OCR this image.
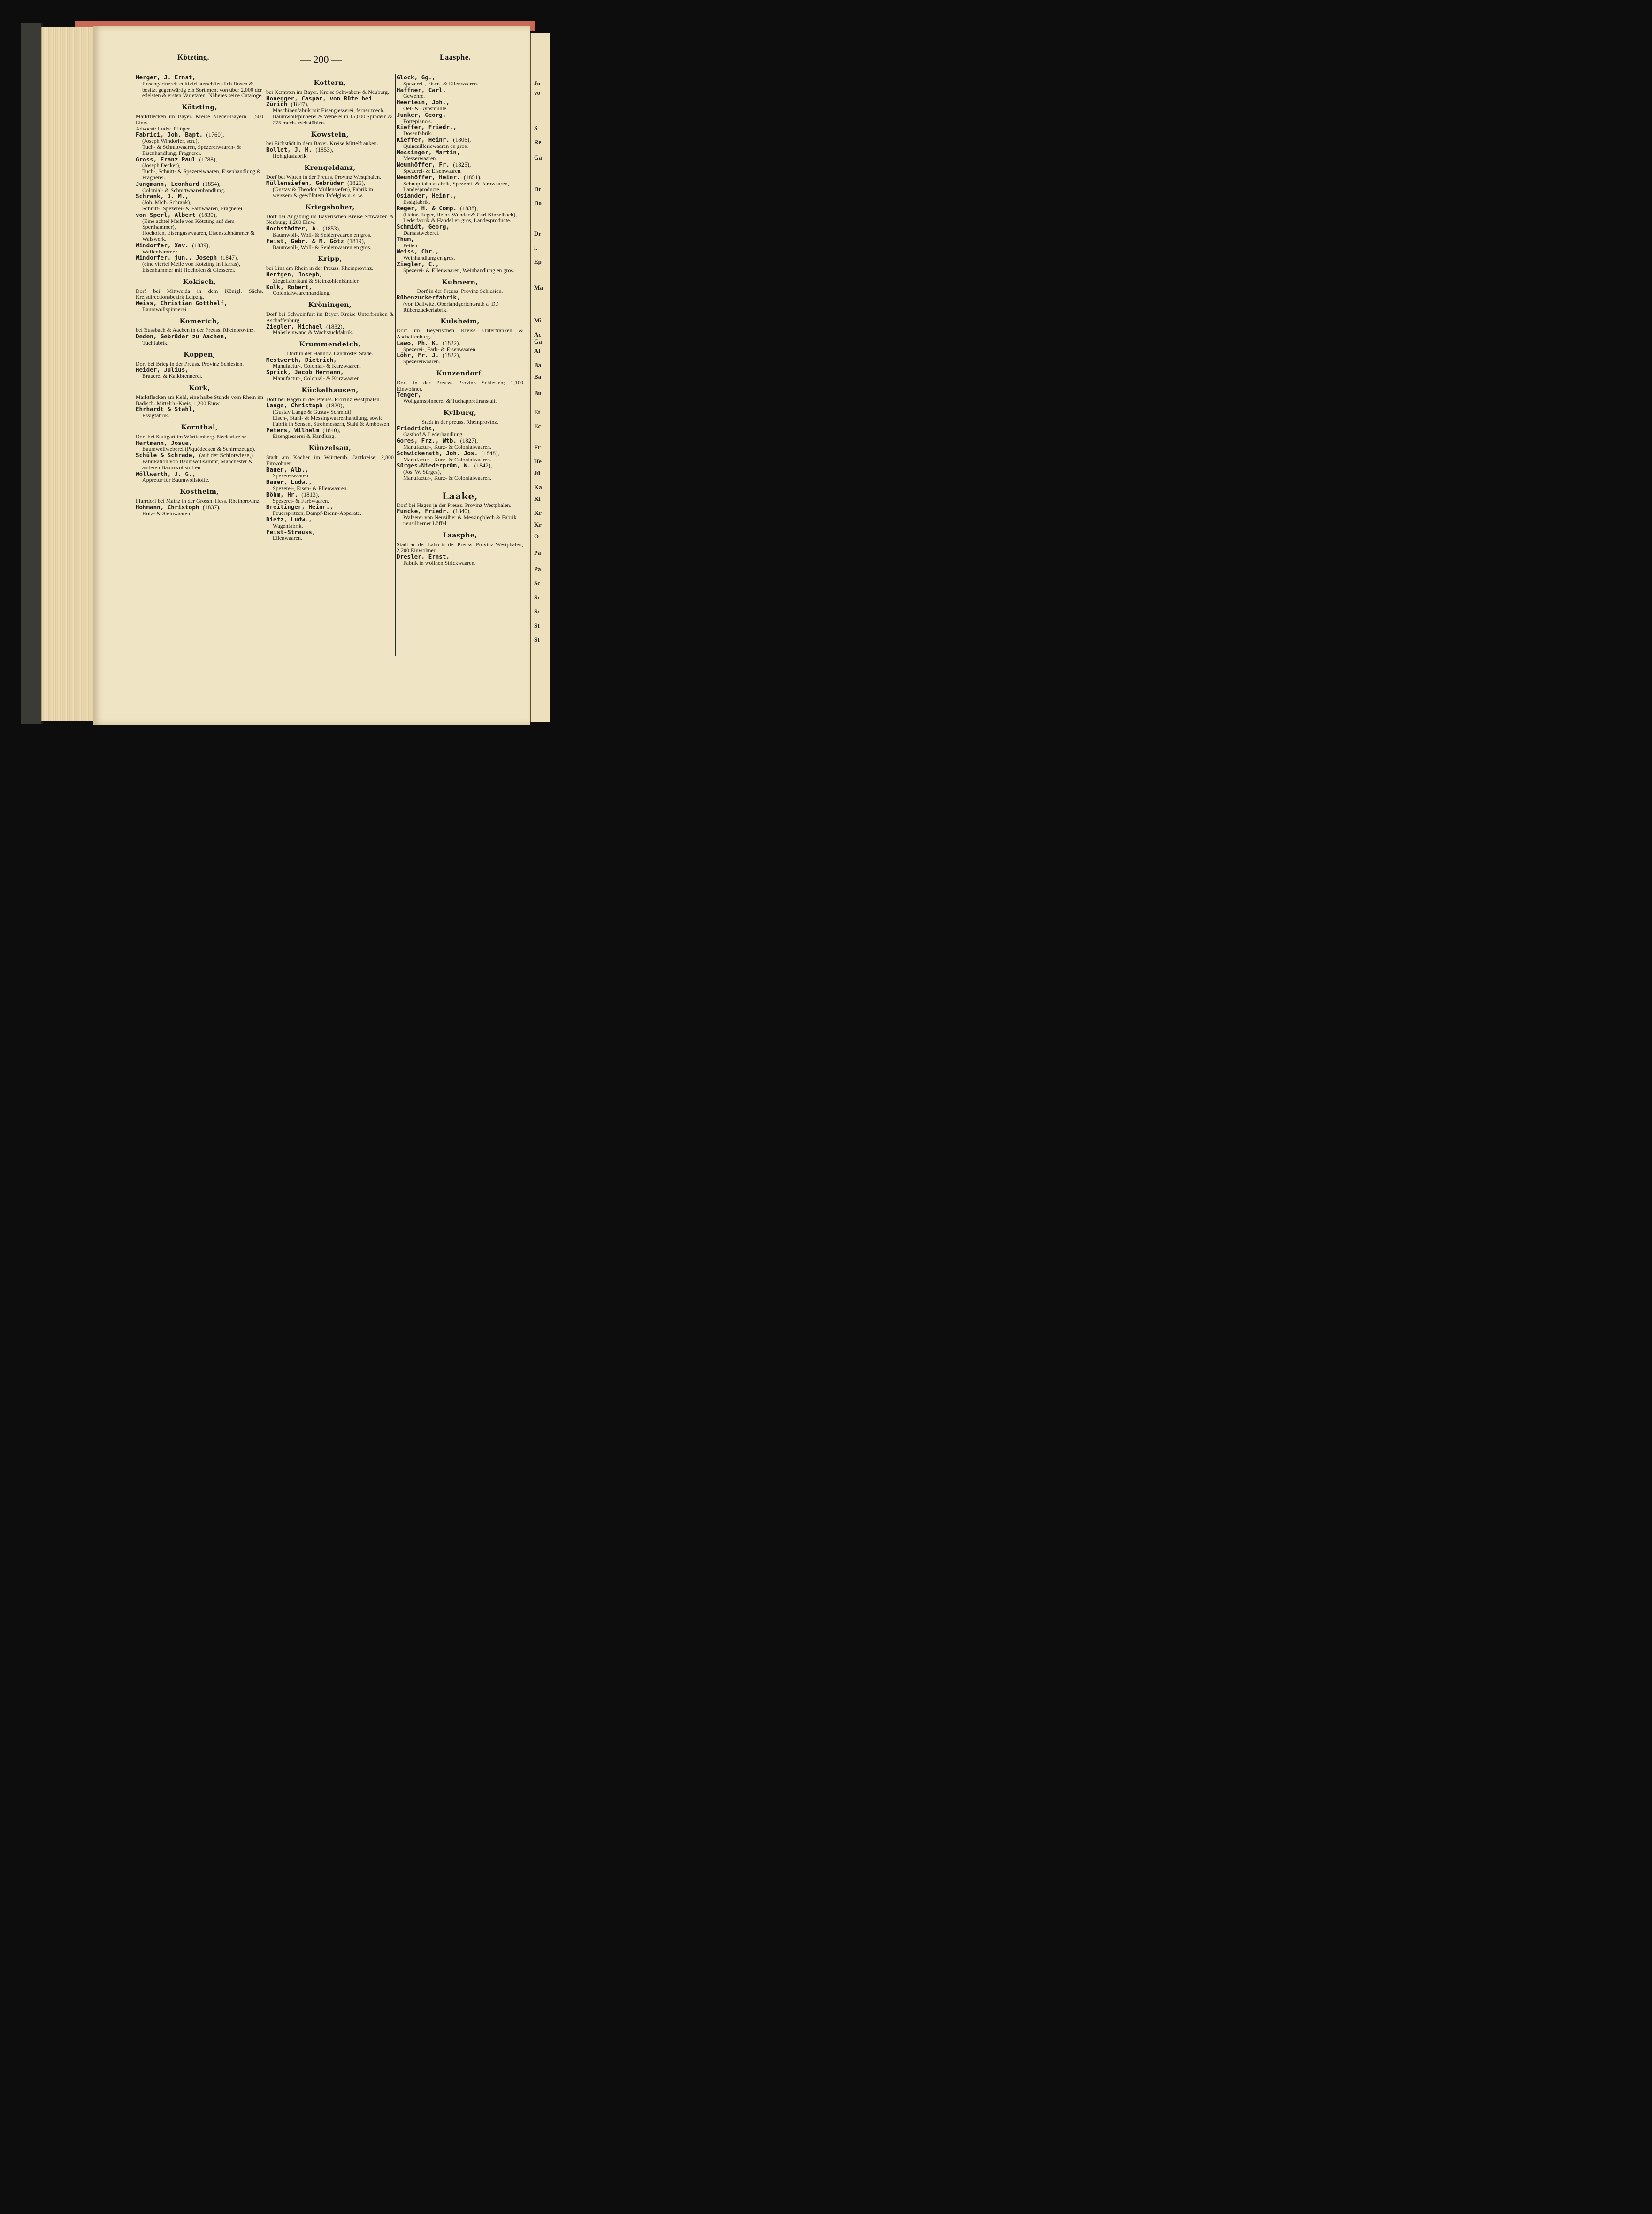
Ju
vo
S
Re
Ga
Dr
Do
Dr
i.
Ep
Ma
Mi
Ac
Ga
Al
Ba
Ba
Bu
Et
Ec
Fr
He
Jü
Ka
Ki
Kr
Kr
O
Pa
Pa
Sc
Sc
Sc
St
St
Kötzting.	— 200 —	Laasphe.
Merger, J. Ernst,
Rosengärtnerei; cultivirt ausschliesslich Rosen & besitzt gegenwärtig ein Sortiment von über 2,000 der edelsten & ersten Varietäten; Näheres seine Cataloge.
Kötzting,
Marktflecken im Bayer. Kreise Nieder-Bayern, 1,500 Einw.
Advocat: Ludw. Pflüger.
Fabrici, Joh. Bapt. (1760),
(Joseph Windorfer, sen.),
Tuch- & Schnittwaaren, Spezereiwaaren- & Eisenhandlung, Fragnerei.
Gross, Franz Paul (1788),
(Joseph Decker),
Tuch-, Schnitt- & Spezereiwaaren, Eisenhandlung & Fragnerei.
Jungmann, Leonhard (1854),
Colonial- & Schnittwaarenhandlung.
Schrank, J. M.,
(Joh. Mich. Schrank),
Schnitt-, Spezerei- & Farbwaaren, Fragnerei.
von Sperl, Albert (1830),
(Eine achtel Meile von Kötzting auf dem Sperlhammer),
Hochofen, Eisengusswaaren, Eisenstabhämmer & Walzwerk.
Windorfer, Xav. (1839),
Waffenhammer.
Windorfer, jun., Joseph (1847),
(eine viertel Meile von Kotzting in Harras), Eisenhammer mit Hochofen & Giesserei.
Kokisch,
Dorf bei Mittweida in dem Königl. Sächs. Kreisdirectionsbezirk Leipzig.
Weiss, Christian Gotthelf,
Baumwollspinnerei.
Komerich,
bei Bussbach & Aachen in der Preuss. Rheinprovinz.
Deden, Gebrüder zu Aachen,
Tuchfabrik.
Koppen,
Dorf bei Brieg in der Preuss. Provinz Schlesien.
Heider, Julius,
Brauerei & Kalkbrennerei.
Kork,
Marktflecken am Kehl, eine halbe Stunde vom Rhein im Badisch. Mittelrh.-Kreis; 1,200 Einw.
Ehrhardt & Stahl,
Essigfabrik.
Kornthal,
Dorf bei Stuttgart im Württemberg. Neckarkreise.
Hartmann, Josua,
Baumwollweberei (Piquédecken & Schirmzeuge).
Schüle & Schrade, (auf der Schlotwiese,)
Fabrikation von Baumwollsammt, Manchester & anderen Baumwollstoffen.
Wöllwarth, J. G.,
Appretur für Baumwollstoffe.
Kostheim,
Pfarrdorf bei Mainz in der Grossh. Hess. Rheinprovinz.
Hohmann, Christoph (1837),
Holz- & Steinwaaren.
Kottern,
bei Kempten im Bayer. Kreise Schwaben- & Neuburg.
Honegger, Caspar, von Rüte bei Zürich (1847),
Maschinenfabrik mit Eisengiesserei, ferner mech. Baumwollspinnerei & Weberei in 15,000 Spindeln & 275 mech. Webstühlen.
Kowstein,
bei Eichstädt in dem Bayer. Kreise Mittelfranken.
Bollet, J. M. (1853),
Hohlglasfabrik.
Krengeldanz,
Dorf bei Witten in der Preuss. Provinz Westphalen.
Müllensiefen, Gebrüder (1825),
(Gustav & Theodor Müllensiefen), Fabrik in weissem & gewölbtem Tafelglas u. s. w.
Kriegshaber,
Dorf bei Augsburg im Bayerischen Kreise Schwaben & Neuburg; 1,200 Einw.
Hochstädter, A. (1853),
Baumwoll-, Woll- & Seidenwaaren en gros.
Feist, Gebr. & M. Götz (1819),
Baumwoll-, Woll- & Seidenwaaren en gros.
Kripp,
bei Linz am Rhein in der Preuss. Rheinprovinz.
Hertgen, Joseph,
Ziegelfabrikant & Steinkohlenhändler.
Kolk, Robert,
Colonialwaarenhandlung.
Kröningen,
Dorf bei Schweinfurt im Bayer. Kreise Unterfranken & Aschaffenburg.
Ziegler, Michael (1832),
Malerleinwand & Wachstuchfabrik.
Krummendeich,
Dorf in der Hannov. Landrostei Stade.
Mestwerth, Dietrich,
Manufactur-, Colonial- & Kurzwaaren.
Sprick, Jacob Hermann,
Manufactur-, Colonial- & Kurzwaaren.
Kückelhausen,
Dorf bei Hagen in der Preuss. Provinz Westphalen.
Lange, Christoph (1820),
(Gustav Lange & Gustav Schmidt),
Eisen-, Stahl- & Messingwaarenhandlung, sowie Fabrik in Sensen, Strohmessern, Stahl & Ambossen.
Peters, Wilhelm (1840),
Eisengiesserei & Handlung.
Künzelsau,
Stadt am Kocher im Württemb. Jaxtkreise; 2,800 Einwohner.
Bauer, Alb.,
Spezereiwaaren.
Bauer, Ludw.,
Spezerei-, Eisen- & Ellenwaaren.
Böhm, Hr. (1813),
Spezerei- & Farbwaaren.
Breitinger, Heinr.,
Feuerspritzen, Dampf-Brenn-Apparate.
Dietz, Ludw.,
Wagenfabrik.
Feist-Strauss,
Ellenwaaren.
Glock, Gg.,
Spezerei-, Eisen- & Ellenwaaren.
Haffner, Carl,
Gewehre.
Heerlein, Joh.,
Oel- & Gypsmühle.
Junker, Georg,
Fortepiano's.
Kieffer, Friedr.,
Dosenfabrik.
Kieffer, Heinr. (1806),
Quincailleriewaaren en gros.
Messinger, Martin,
Messerwaaren.
Neunhöffer, Fr. (1825),
Spezerei- & Eisenwaaren.
Neunhöffer, Heinr. (1851),
Schnupftabaksfabrik, Spezerei- & Farbwaaren, Landesproducte.
Osiander, Heinr.,
Essigfabrik.
Reger, H. & Comp. (1838),
(Heinr. Reger, Heinr. Wunder & Carl Kinzelbach),
Lederfabrik & Handel en gros, Landesproducte.
Schmidt, Georg,
Damastweberei.
Thum,
Feilen.
Weiss, Chr.,
Weinhandlung en gros.
Ziegler, C.,
Spezerei- & Ellenwaaren, Weinhandlung en gros.
Kuhnern,
Dorf in der Preuss. Provinz Schlesien.
Rübenzuckerfabrik,
(von Dallwitz, Oberlandgerichtsrath a. D.) Rübenzuckerfabrik.
Kulsheim,
Dorf im Beyerischen Kreise Unterfranken & Aschaffenburg.
Lawo, Ph. K. (1822),
Spezerei-, Farb- & Eisenwaaren.
Löhr, Fr. J. (1822),
Spezereiwaaren.
Kunzendorf,
Dorf in der Preuss. Provinz Schlesien; 1,100 Einwohner.
Tenger,
Wollgarnspinnerei & Tuchappretiranstalt.
Kylburg,
Stadt in der preuss. Rheinprovinz.
Friedrichs,
Gasthof & Lederhandlung.
Gores, Frz., Wtb. (1827),
Manufactur-, Kurz- & Colonialwaaren.
Schwickerath, Joh. Jos. (1848),
Manufactur-, Kurz- & Colonialwaaren.
Sürges-Niederprüm, W. (1842),
(Jos. W. Sürges),
Manufactur-, Kurz- & Colonialwaaren.
Laake,
Dorf bei Hagen in der Preuss. Provinz Westphalen.
Funcke, Friedr. (1840),
Walzerei von Neusilber & Messingblech & Fabrik neusilberner Löffel.
Laasphe,
Stadt an der Lahn in der Preuss. Provinz Westphalen; 2,200 Einwohner.
Dresler, Ernst,
Fabrik in wollnen Strickwaaren.
